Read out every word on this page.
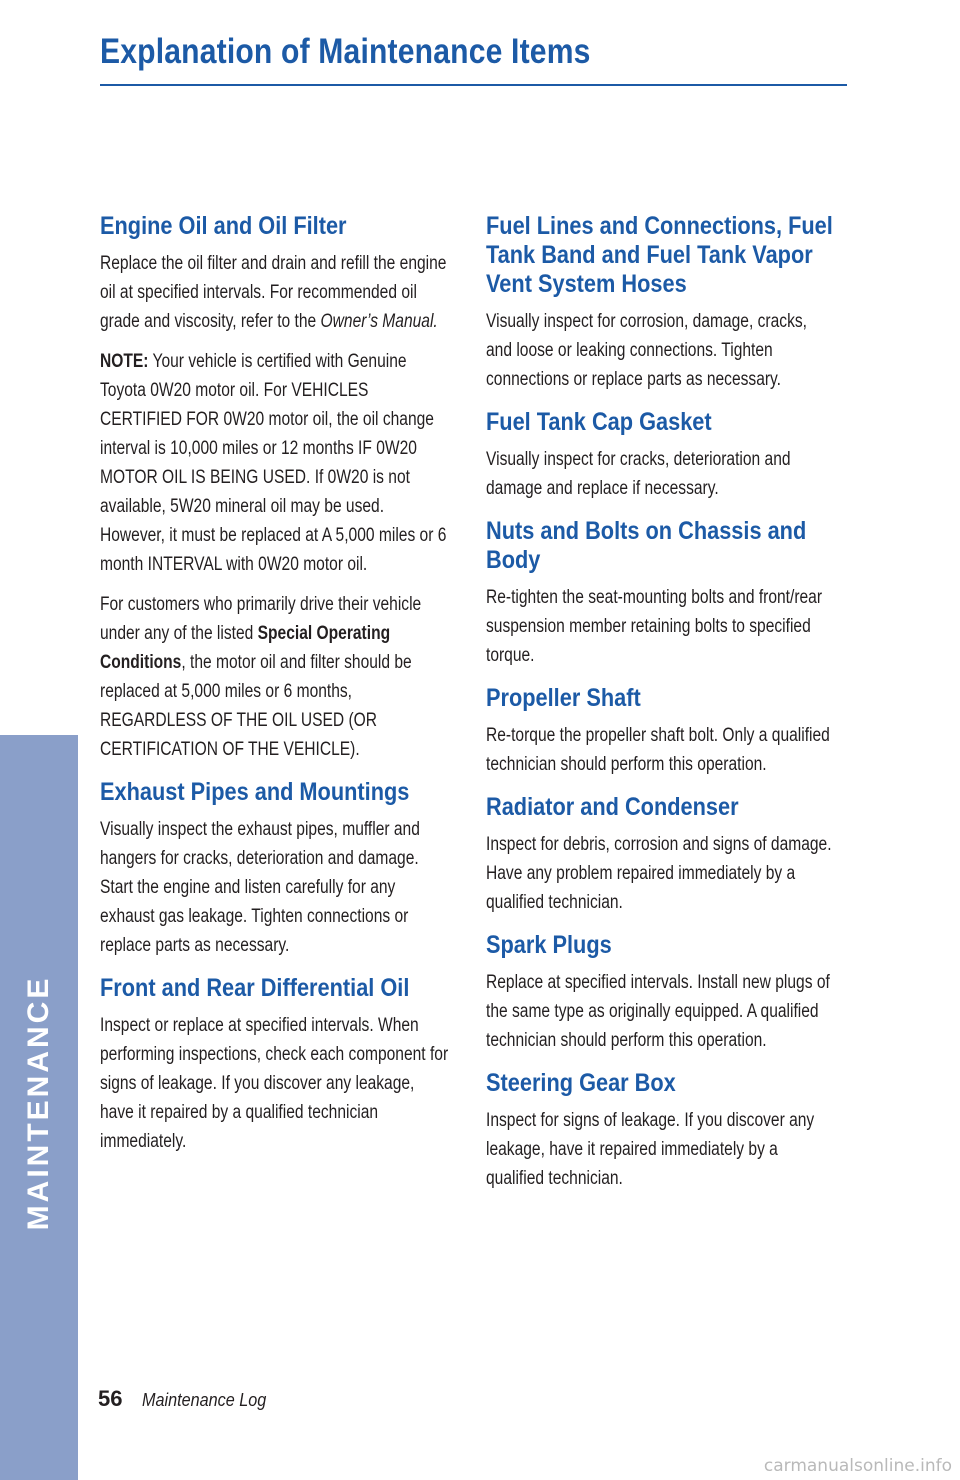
Explanation of Maintenance Items
Engine Oil and Oil Filter

Replace the oil filter and drain and refill the engine oil at specified intervals. For recommended oil grade and viscosity, refer to the Owner’s Manual.

NOTE: Your vehicle is certified with Genuine Toyota 0W20 motor oil. For VEHICLES CERTIFIED FOR 0W20 motor oil, the oil change interval is 10,000 miles or 12 months IF 0W20 MOTOR OIL IS BEING USED. If 0W20 is not available, 5W20 mineral oil may be used. However, it must be replaced at A 5,000 miles or 6 month INTERVAL with 0W20 motor oil.

For customers who primarily drive their vehicle under any of the listed Special Operating Conditions, the motor oil and filter should be replaced at 5,000 miles or 6 months, REGARDLESS OF THE OIL USED (OR CERTIFICATION OF THE VEHICLE).

Exhaust Pipes and Mountings

Visually inspect the exhaust pipes, muffler and hangers for cracks, deterioration and damage. Start the engine and listen carefully for any exhaust gas leakage. Tighten connections or replace parts as necessary.

Front and Rear Differential Oil

Inspect or replace at specified intervals. When performing inspections, check each component for signs of leakage. If you discover any leakage, have it repaired by a qualified technician immediately.

Fuel Lines and Connections, Fuel Tank Band and Fuel Tank Vapor Vent System Hoses

Visually inspect for corrosion, damage, cracks, and loose or leaking connections. Tighten connections or replace parts as necessary.

Fuel Tank Cap Gasket

Visually inspect for cracks, deterioration and damage and replace if necessary.

Nuts and Bolts on Chassis and Body

Re-tighten the seat-mounting bolts and front/rear suspension member retaining bolts to specified torque.

Propeller Shaft

Re-torque the propeller shaft bolt. Only a qualified technician should perform this operation.

Radiator and Condenser

Inspect for debris, corrosion and signs of damage. Have any problem repaired immediately by a qualified technician.

Spark Plugs

Replace at specified intervals. Install new plugs of the same type as originally equipped. A qualified technician should perform this operation.

Steering Gear Box

Inspect for signs of leakage. If you discover any leakage, have it repaired immediately by a qualified technician.

MAINTENANCE
56 Maintenance Log
carmanualsonline.info
